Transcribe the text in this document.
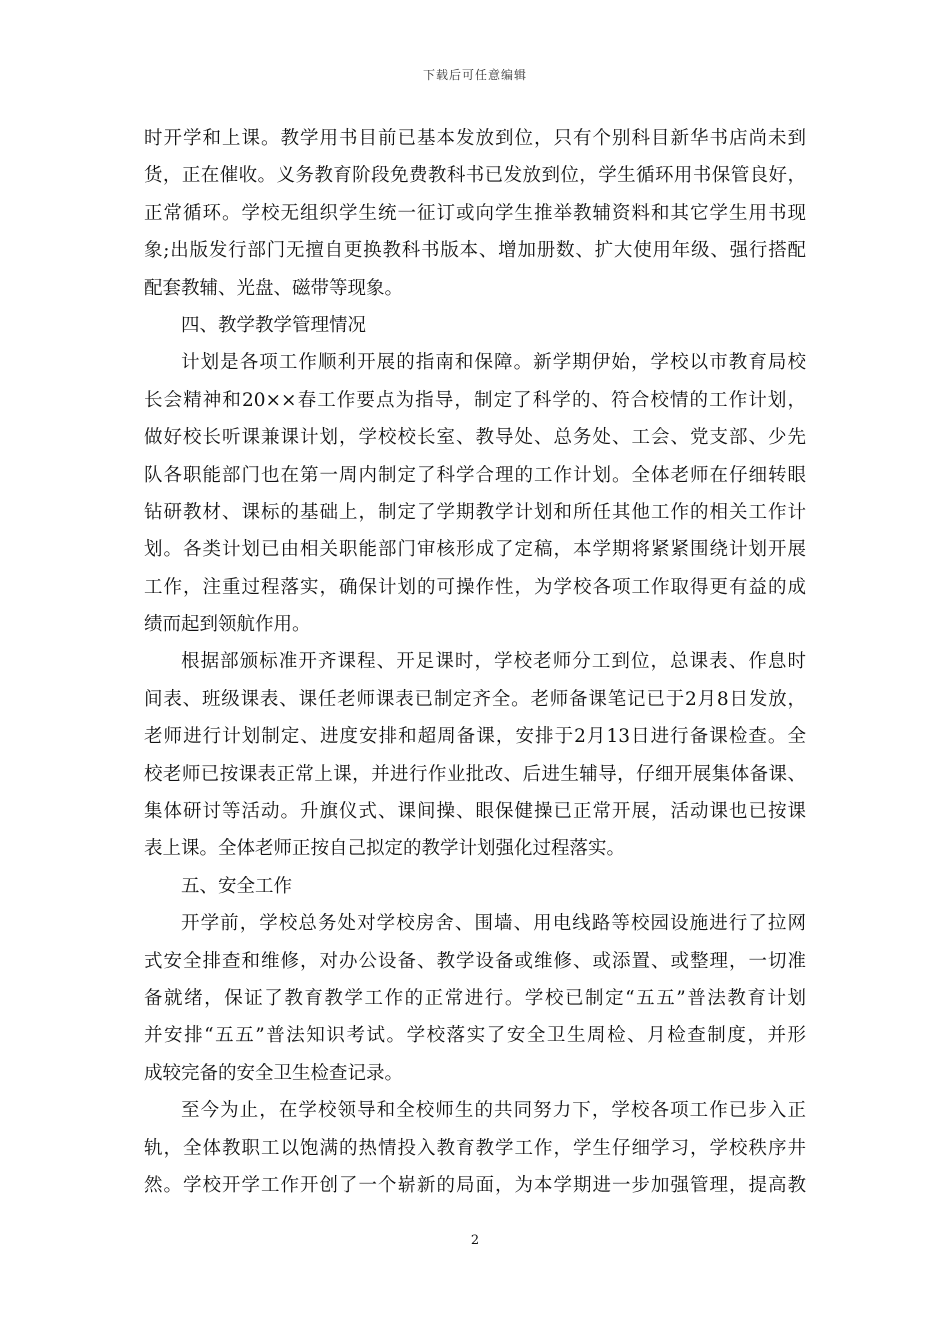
下载后可任意编辑
时开学和上课。教学用书目前已基本发放到位，只有个别科目新华书店尚未到
货，正在催收。义务教育阶段免费教科书已发放到位，学生循环用书保管良好，
正常循环。学校无组织学生统一征订或向学生推举教辅资料和其它学生用书现
象;出版发行部门无擅自更换教科书版本、增加册数、扩大使用年级、强行搭配
配套教辅、光盘、磁带等现象。
四、教学教学管理情况
计划是各项工作顺利开展的指南和保障。新学期伊始，学校以市教育局校
长会精神和20××春工作要点为指导，制定了科学的、符合校情的工作计划，
做好校长听课兼课计划，学校校长室、教导处、总务处、工会、党支部、少先
队各职能部门也在第一周内制定了科学合理的工作计划。全体老师在仔细转眼
钻研教材、课标的基础上，制定了学期教学计划和所任其他工作的相关工作计
划。各类计划已由相关职能部门审核形成了定稿，本学期将紧紧围绕计划开展
工作，注重过程落实，确保计划的可操作性，为学校各项工作取得更有益的成
绩而起到领航作用。
根据部颁标准开齐课程、开足课时，学校老师分工到位，总课表、作息时
间表、班级课表、课任老师课表已制定齐全。老师备课笔记已于2月8日发放，
老师进行计划制定、进度安排和超周备课，安排于2月13日进行备课检查。全
校老师已按课表正常上课，并进行作业批改、后进生辅导，仔细开展集体备课、
集体研讨等活动。升旗仪式、课间操、眼保健操已正常开展，活动课也已按课
表上课。全体老师正按自己拟定的教学计划强化过程落实。
五、安全工作
开学前，学校总务处对学校房舍、围墙、用电线路等校园设施进行了拉网
式安全排查和维修，对办公设备、教学设备或维修、或添置、或整理，一切准
备就绪，保证了教育教学工作的正常进行。学校已制定“五五”普法教育计划
并安排“五五”普法知识考试。学校落实了安全卫生周检、月检查制度，并形
成较完备的安全卫生检查记录。
至今为止，在学校领导和全校师生的共同努力下，学校各项工作已步入正
轨，全体教职工以饱满的热情投入教育教学工作，学生仔细学习，学校秩序井
然。学校开学工作开创了一个崭新的局面，为本学期进一步加强管理，提高教
2
